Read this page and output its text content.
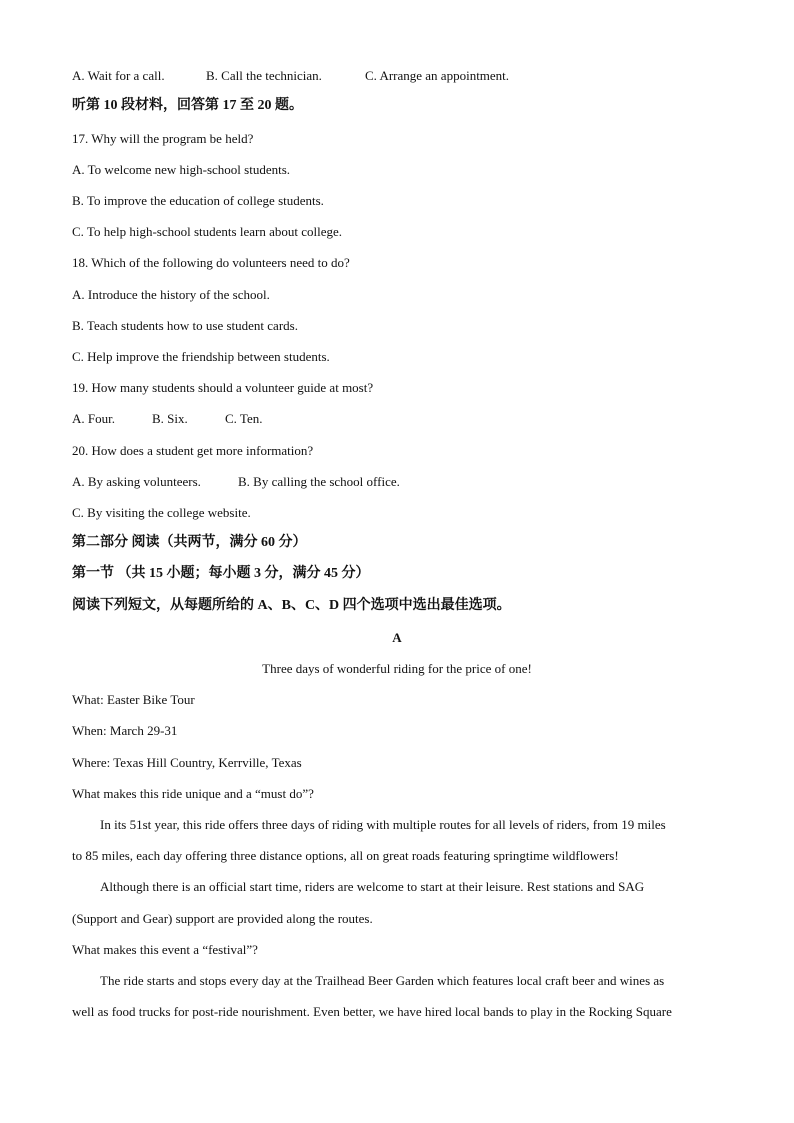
A. Wait for a call.	B. Call the technician.	C. Arrange an appointment.
听第 10 段材料，回答第 17 至 20 题。
17. Why will the program be held?
A. To welcome new high-school students.
B. To improve the education of college students.
C. To help high-school students learn about college.
18. Which of the following do volunteers need to do?
A. Introduce the history of the school.
B. Teach students how to use student cards.
C. Help improve the friendship between students.
19. How many students should a volunteer guide at most?
A. Four.	B. Six.	C. Ten.
20. How does a student get more information?
A. By asking volunteers.	B. By calling the school office.
C. By visiting the college website.
第二部分 阅读（共两节，满分 60 分）
第一节 （共 15 小题；每小题 3 分，满分 45 分）
阅读下列短文，从每题所给的 A、B、C、D 四个选项中选出最佳选项。
A
Three days of wonderful riding for the price of one!
What: Easter Bike Tour
When: March 29-31
Where: Texas Hill Country, Kerrville, Texas
What makes this ride unique and a “must do”?
In its 51st year, this ride offers three days of riding with multiple routes for all levels of riders, from 19 miles
to 85 miles, each day offering three distance options, all on great roads featuring springtime wildflowers!
Although there is an official start time, riders are welcome to start at their leisure. Rest stations and SAG
(Support and Gear) support are provided along the routes.
What makes this event a “festival”?
The ride starts and stops every day at the Trailhead Beer Garden which features local craft beer and wines as
well as food trucks for post-ride nourishment. Even better, we have hired local bands to play in the Rocking Square
